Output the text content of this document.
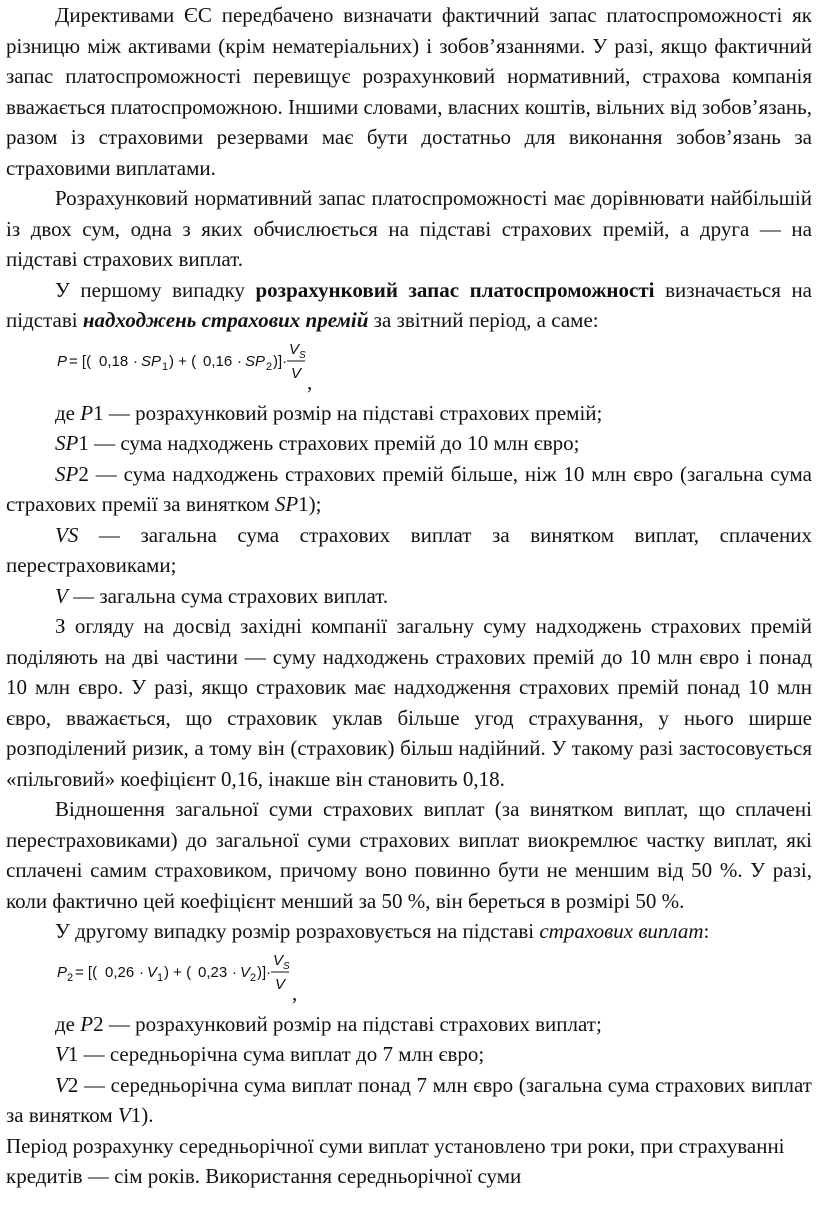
Директивами ЄС передбачено визначати фактичний запас платоспроможності як різницю між активами (крім нематеріальних) і зобов’язаннями. У разі, якщо фактичний запас платоспроможності перевищує розрахунковий нормативний, страхова компанія вважається платоспроможною. Іншими словами, власних коштів, вільних від зобов’язань, разом із страховими резервами має бути достатньо для виконання зобов’язань за страховими виплатами.

Розрахунковий нормативний запас платоспроможності має дорівнювати найбільшій із двох сум, одна з яких обчислюється на підставі страхових премій, а друга — на підставі страхових виплат.

У першому випадку розрахунковий запас платоспроможності визначається на підставі надходжень страхових премій за звітний період, а саме:

P = [( 0,18 · SP 1 ) + ( 0,16 · SP 2 )]·
V S
V ,

де P1 — розрахунковий розмір на підставі страхових премій;

SP1 — сума надходжень страхових премій до 10 млн євро;

SP2 — сума надходжень страхових премій більше, ніж 10 млн євро (загальна сума страхових премії за винятком SP1);

VS — загальна сума страхових виплат за винятком виплат, сплачених перестраховиками;

V — загальна сума страхових виплат.

З огляду на досвід західні компанії загальну суму надходжень страхових премій поділяють на дві частини — суму надходжень страхових премій до 10 млн євро і понад 10 млн євро. У разі, якщо страховик має надходження страхових премій понад 10 млн євро, вважається, що страховик уклав більше угод страхування, у нього ширше розподілений ризик, а тому він (страховик) більш надійний. У такому разі застосовується «пільговий» коефіцієнт 0,16, інакше він становить 0,18.

Відношення загальної суми страхових виплат (за винятком виплат, що сплачені перестраховиками) до загальної суми страхових виплат виокремлює частку виплат, які сплачені самим страховиком, причому воно повинно бути не меншим від 50 %. У разі, коли фактично цей коефіцієнт менший за 50 %, він береться в розмірі 50 %.

У другому випадку розмір розраховується на підставі страхових виплат:

P 2 = [( 0,26 · V 1 ) + ( 0,23 · V 2 )]·
V S
V ,

де P2 — розрахунковий розмір на підставі страхових виплат;

V1 — середньорічна сума виплат до 7 млн євро;

V2 — середньорічна сума виплат понад 7 млн євро (загальна сума страхових виплат за винятком V1).

Період розрахунку середньорічної суми виплат установлено три роки, при страхуванні кредитів — сім років. Використання середньорічної суми
